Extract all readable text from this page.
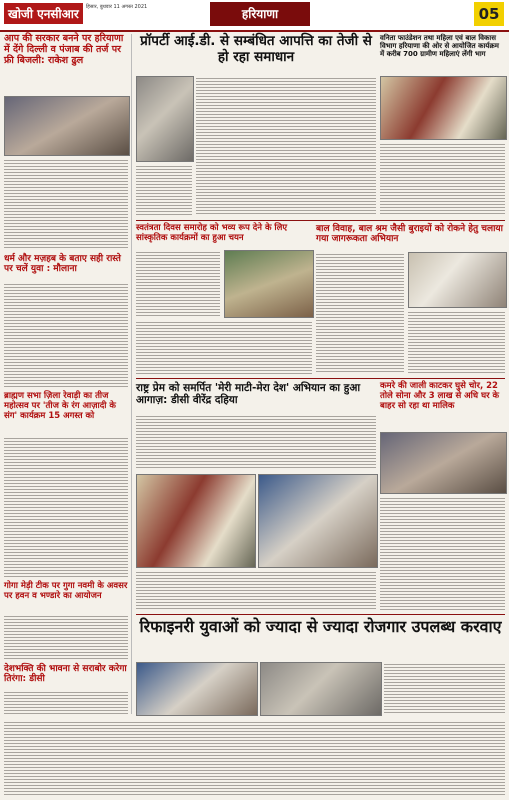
खोजी एनसीआर	हिसार, बुधवार 11 अगस्त 2021	हरियाणा	05
आप की सरकार बनने पर हरियाणा में देंगे दिल्ली व पंजाब की तर्ज पर फ्री बिजली: राकेश ढुल
धर्म और मज़हब के बताए सही रास्ते पर चलें युवा : मौलाना
ब्राह्मण सभा ज़िला रेवाड़ी का तीज महोत्सव पर 'तीज के रंग आज़ादी के संग' कार्यक्रम 15 अगस्त को
गोगा मेड़ी टीक पर गुगा नवमी के अवसर पर हवन व भण्डारे का आयोजन
देशभक्ति की भावना से सराबोर करेगा तिरंगा: डीसी
प्रॉपर्टी आई.डी. से सम्बंधित आपत्ति का तेजी से हो रहा समाधान
स्वतंत्रता दिवस समारोह को भव्य रूप देने के लिए सांस्कृतिक कार्यक्रमों का हुआ चयन
बाल विवाह, बाल श्रम जैसी बुराइयों को रोकने हेतु चलाया गया जागरूकता अभियान
राष्ट्र प्रेम को समर्पित 'मेरी माटी-मेरा देश' अभियान का हुआ आगाज़: डीसी वीरेंद्र दहिया
कमरे की जाली काटकर घुसे चोर, 22 तोले सोना और 3 लाख से अधि घर के बाहर सो रहा था मालिक
वनिता फाउंडेशन तथा महिला एवं बाल विकास विभाग हरियाणा की ओर से आयोजित कार्यक्रम में करीब 700 ग्रामीण महिलाएं लेंगी भाग
रिफाइनरी युवाओं को ज्यादा से ज्यादा रोजगार उपलब्ध करवाए
